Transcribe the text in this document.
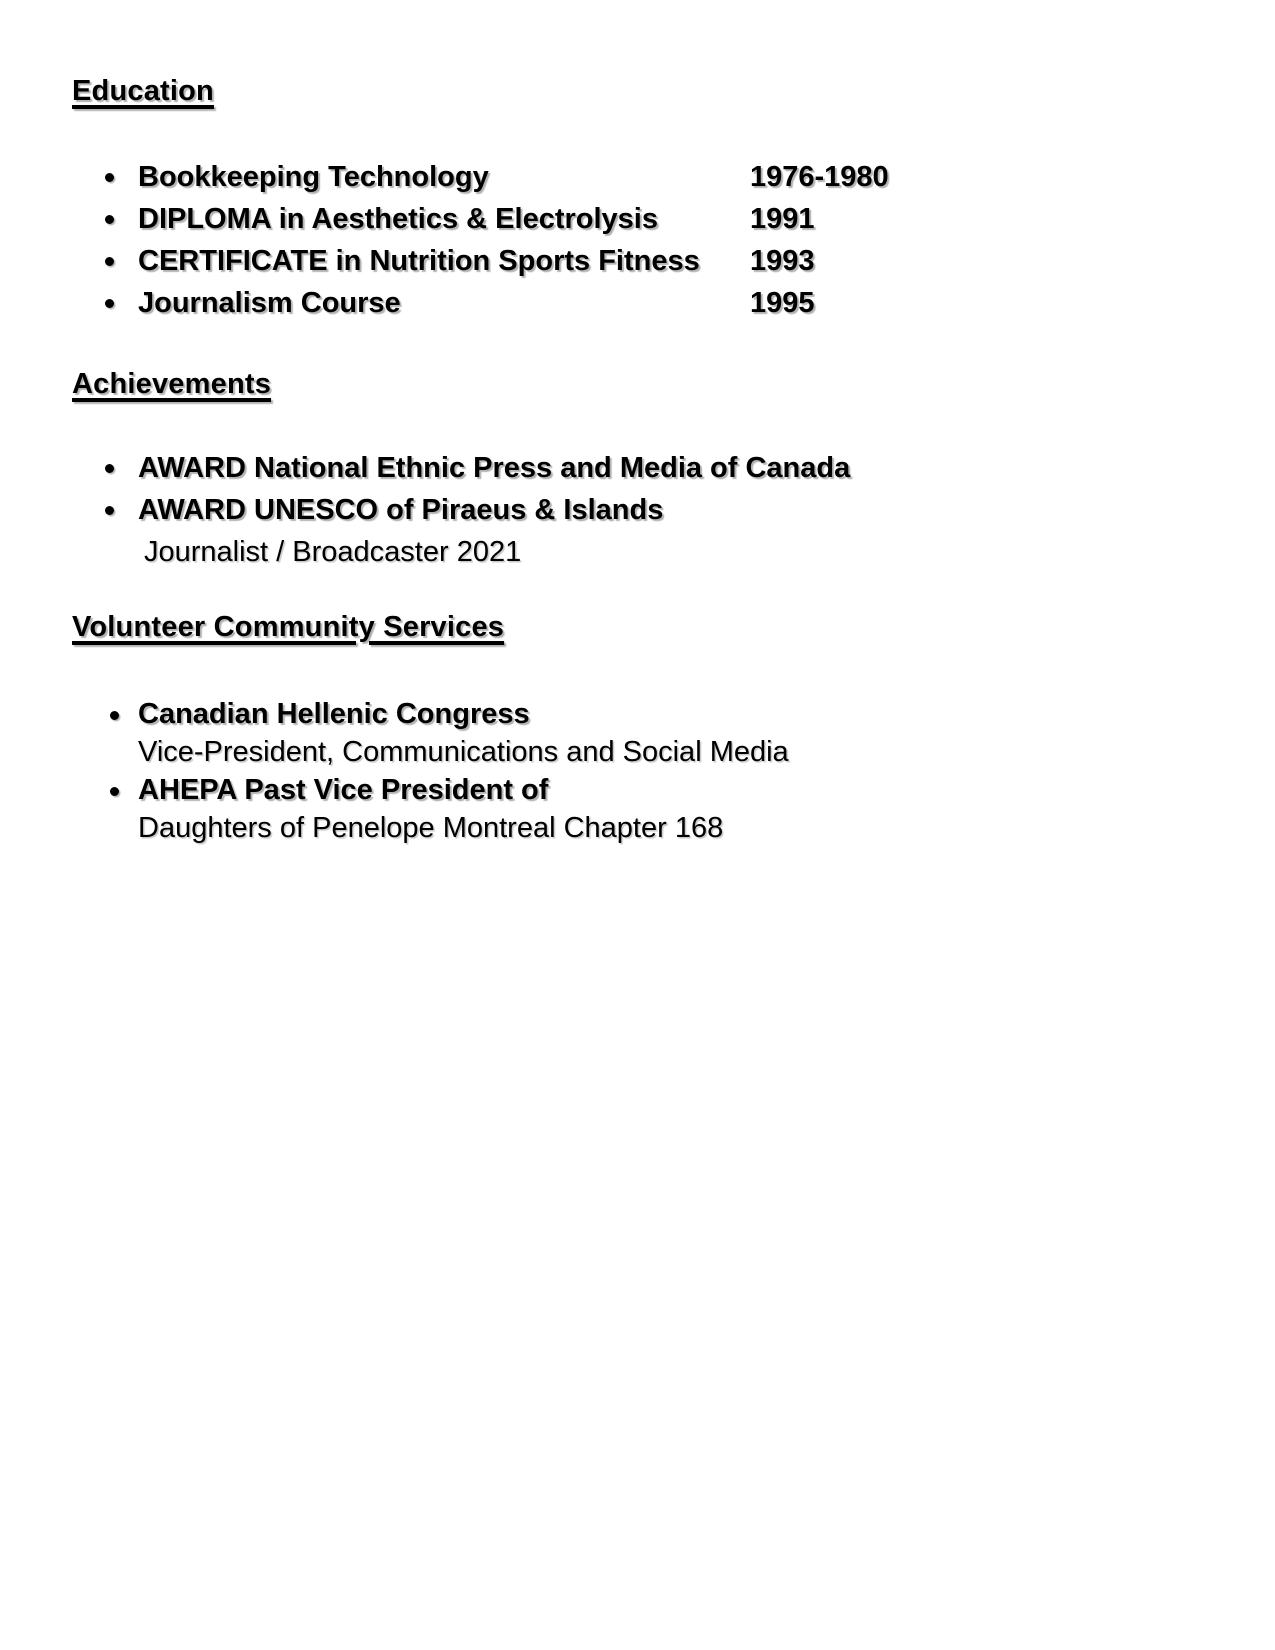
Education
Bookkeeping Technology	1976-1980
DIPLOMA in Aesthetics & Electrolysis	1991
CERTIFICATE in Nutrition Sports Fitness	1993
Journalism Course	1995
Achievements
AWARD National Ethnic Press and Media of Canada
AWARD UNESCO of Piraeus & Islands
Journalist / Broadcaster 2021
Volunteer Community Services
Canadian Hellenic Congress
Vice-President, Communications and Social Media
AHEPA Past Vice President of
Daughters of Penelope Montreal Chapter 168
